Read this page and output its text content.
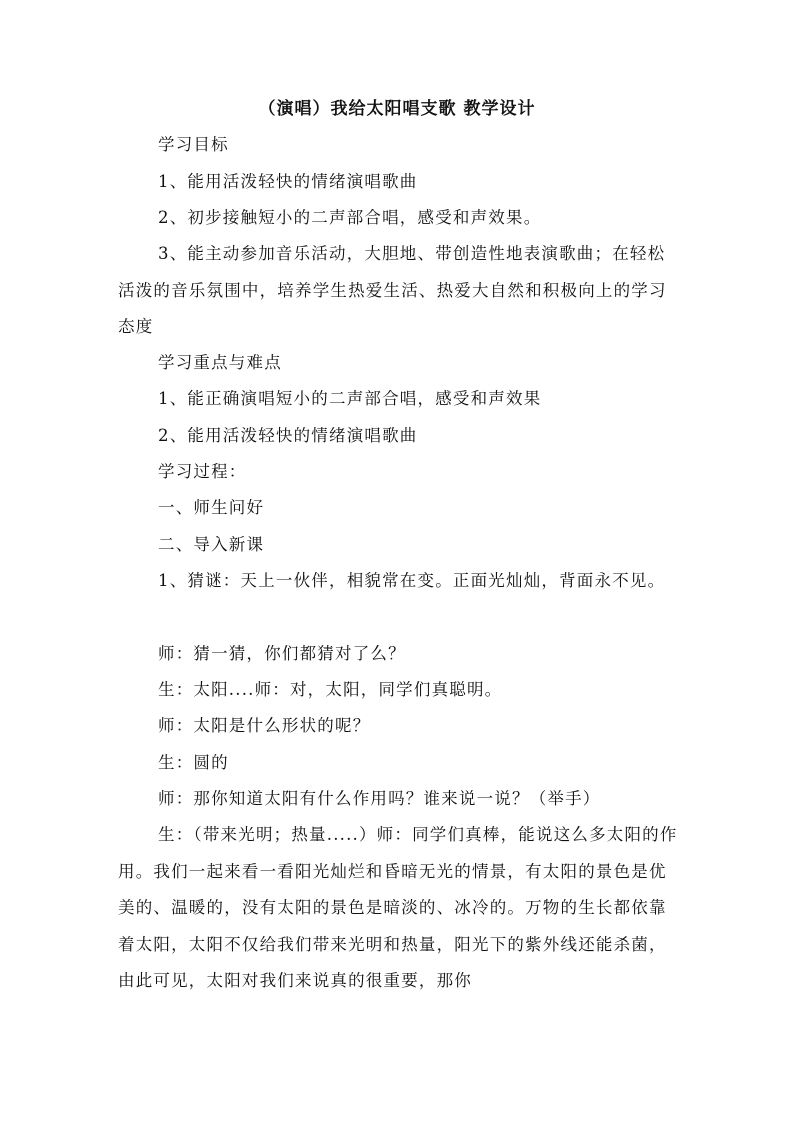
（演唱）我给太阳唱支歌 教学设计
学习目标
1、能用活泼轻快的情绪演唱歌曲
2、初步接触短小的二声部合唱，感受和声效果。
3、能主动参加音乐活动，大胆地、带创造性地表演歌曲；在轻松活泼的音乐氛围中，培养学生热爱生活、热爱大自然和积极向上的学习态度
学习重点与难点
1、能正确演唱短小的二声部合唱，感受和声效果
2、能用活泼轻快的情绪演唱歌曲
学习过程：
一、师生问好
二、导入新课
1、猜谜：天上一伙伴，相貌常在变。正面光灿灿，背面永不见。
师：猜一猜，你们都猜对了么？
生：太阳....师：对，太阳，同学们真聪明。
师：太阳是什么形状的呢？
生：圆的
师：那你知道太阳有什么作用吗？谁来说一说？（举手）
生：（带来光明；热量.....）师：同学们真棒，能说这么多太阳的作用。我们一起来看一看阳光灿烂和昏暗无光的情景，有太阳的景色是优美的、温暖的，没有太阳的景色是暗淡的、冰冷的。万物的生长都依靠着太阳，太阳不仅给我们带来光明和热量，阳光下的紫外线还能杀菌，由此可见，太阳对我们来说真的很重要，那你
